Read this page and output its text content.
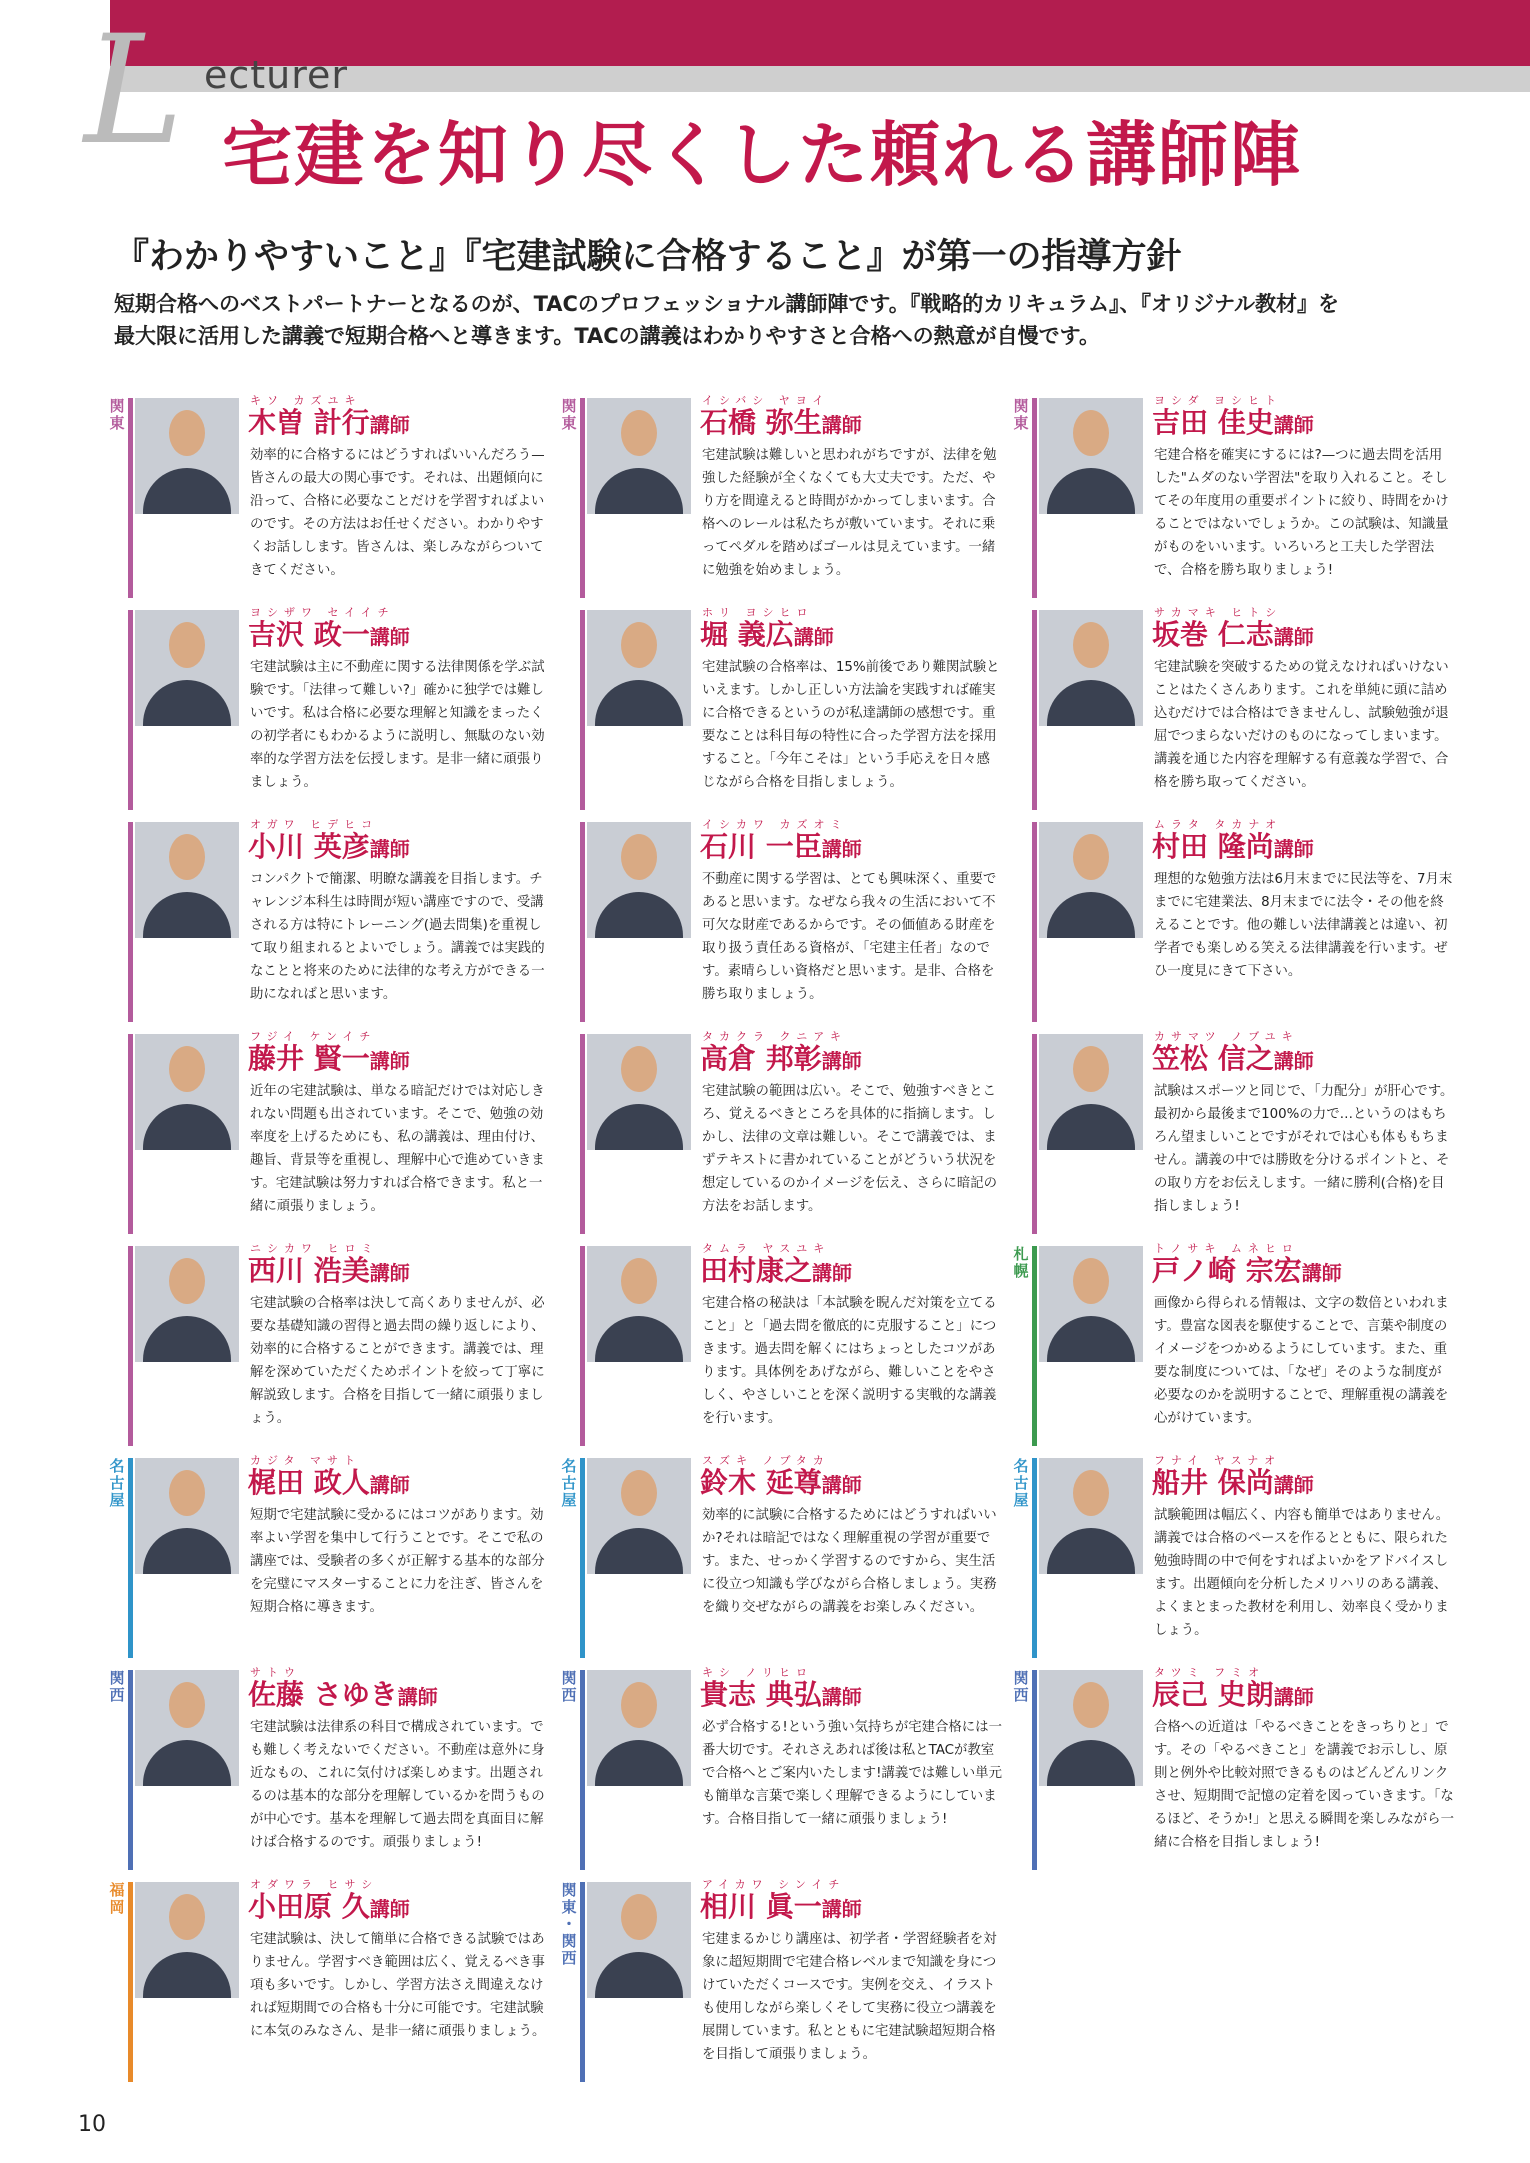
L ecturer
宅建を知り尽くした頼れる講師陣
『わかりやすいこと』『宅建試験に合格すること』が第一の指導方針

短期合格へのベストパートナーとなるのが、TACのプロフェッショナル講師陣です。『戦略的カリキュラム』、『オリジナル教材』を

最大限に活用した講義で短期合格へと導きます。TACの講義はわかりやすさと合格への熱意が自慢です。

関
東
キソ カズユキ
木曽 計行講師
効率的に合格するにはどうすればいいんだろう—皆さんの最大の関心事です。それは、出題傾向に沿って、合格に必要なことだけを学習すればよいのです。その方法はお任せください。わかりやすくお話しします。皆さんは、楽しみながらついてきてください。
関
東
イシバシ ヤヨイ
石橋 弥生講師
宅建試験は難しいと思われがちですが、法律を勉強した経験が全くなくても大丈夫です。ただ、やり方を間違えると時間がかかってしまいます。合格へのレールは私たちが敷いています。それに乗ってペダルを踏めばゴールは見えています。一緒に勉強を始めましょう。
関
東
ヨシダ ヨシヒト
吉田 佳史講師
宅建合格を確実にするには?—つに過去問を活用した"ムダのない学習法"を取り入れること。そしてその年度用の重要ポイントに絞り、時間をかけることではないでしょうか。この試験は、知識量がものをいいます。いろいろと工夫した学習法で、合格を勝ち取りましょう!
ヨシザワ セイイチ
吉沢 政一講師
宅建試験は主に不動産に関する法律関係を学ぶ試験です。「法律って難しい?」確かに独学では難しいです。私は合格に必要な理解と知識をまったくの初学者にもわかるように説明し、無駄のない効率的な学習方法を伝授します。是非一緒に頑張りましょう。
ホリ ヨシヒロ
堀 義広講師
宅建試験の合格率は、15%前後であり難関試験といえます。しかし正しい方法論を実践すれば確実に合格できるというのが私達講師の感想です。重要なことは科目毎の特性に合った学習方法を採用すること。「今年こそは」という手応えを日々感じながら合格を目指しましょう。
サカマキ ヒトシ
坂巻 仁志講師
宅建試験を突破するための覚えなければいけないことはたくさんあります。これを単純に頭に詰め込むだけでは合格はできませんし、試験勉強が退屈でつまらないだけのものになってしまいます。講義を通じた内容を理解する有意義な学習で、合格を勝ち取ってください。
オガワ ヒデヒコ
小川 英彦講師
コンパクトで簡潔、明瞭な講義を目指します。チャレンジ本科生は時間が短い講座ですので、受講される方は特にトレーニング(過去問集)を重視して取り組まれるとよいでしょう。講義では実践的なことと将来のために法律的な考え方ができる一助になればと思います。
イシカワ カズオミ
石川 一臣講師
不動産に関する学習は、とても興味深く、重要であると思います。なぜなら我々の生活において不可欠な財産であるからです。その価値ある財産を取り扱う責任ある資格が、「宅建主任者」なのです。素晴らしい資格だと思います。是非、合格を勝ち取りましょう。
ムラタ タカナオ
村田 隆尚講師
理想的な勉強方法は6月末までに民法等を、7月末までに宅建業法、8月末までに法令・その他を終えることです。他の難しい法律講義とは違い、初学者でも楽しめる笑える法律講義を行います。ぜひ一度見にきて下さい。
フジイ ケンイチ
藤井 賢一講師
近年の宅建試験は、単なる暗記だけでは対応しきれない問題も出されています。そこで、勉強の効率度を上げるためにも、私の講義は、理由付け、趣旨、背景等を重視し、理解中心で進めていきます。宅建試験は努力すれば合格できます。私と一緒に頑張りましょう。
タカクラ クニアキ
高倉 邦彰講師
宅建試験の範囲は広い。そこで、勉強すべきところ、覚えるべきところを具体的に指摘します。しかし、法律の文章は難しい。そこで講義では、まずテキストに書かれていることがどういう状況を想定しているのかイメージを伝え、さらに暗記の方法をお話します。
カサマツ ノブユキ
笠松 信之講師
試験はスポーツと同じで、「力配分」が肝心です。最初から最後まで100%の力で…というのはもちろん望ましいことですがそれでは心も体ももちません。講義の中では勝敗を分けるポイントと、その取り方をお伝えします。一緒に勝利(合格)を目指しましょう!
ニシカワ ヒロミ
西川 浩美講師
宅建試験の合格率は決して高くありませんが、必要な基礎知識の習得と過去問の繰り返しにより、効率的に合格することができます。講義では、理解を深めていただくためポイントを絞って丁寧に解説致します。合格を目指して一緒に頑張りましょう。
タムラ ヤスユキ
田村康之講師
宅建合格の秘訣は「本試験を睨んだ対策を立てること」と「過去問を徹底的に克服すること」につきます。過去問を解くにはちょっとしたコツがあります。具体例をあげながら、難しいことをやさしく、やさしいことを深く説明する実戦的な講義を行います。
札
幌
トノサキ ムネヒロ
戸ノ崎 宗宏講師
画像から得られる情報は、文字の数倍といわれます。豊富な図表を駆使することで、言葉や制度のイメージをつかめるようにしています。また、重要な制度については、「なぜ」そのような制度が必要なのかを説明することで、理解重視の講義を心がけています。
名
古
屋
カジタ マサト
梶田 政人講師
短期で宅建試験に受かるにはコツがあります。効率よい学習を集中して行うことです。そこで私の講座では、受験者の多くが正解する基本的な部分を完璧にマスターすることに力を注ぎ、皆さんを短期合格に導きます。
名
古
屋
スズキ ノブタカ
鈴木 延尊講師
効率的に試験に合格するためにはどうすればいいか?それは暗記ではなく理解重視の学習が重要です。また、せっかく学習するのですから、実生活に役立つ知識も学びながら合格しましょう。実務を織り交ぜながらの講義をお楽しみください。
名
古
屋
フナイ ヤスナオ
船井 保尚講師
試験範囲は幅広く、内容も簡単ではありません。講義では合格のペースを作るとともに、限られた勉強時間の中で何をすればよいかをアドバイスします。出題傾向を分析したメリハリのある講義、よくまとまった教材を利用し、効率良く受かりましょう。
関
西
サトウ
佐藤 さゆき講師
宅建試験は法律系の科目で構成されています。でも難しく考えないでください。不動産は意外に身近なもの、これに気付けば楽しめます。出題されるのは基本的な部分を理解しているかを問うものが中心です。基本を理解して過去問を真面目に解けば合格するのです。頑張りましょう!
関
西
キシ ノリヒロ
貴志 典弘講師
必ず合格する!という強い気持ちが宅建合格には一番大切です。それさえあれば後は私とTACが教室で合格へとご案内いたします!講義では難しい単元も簡単な言葉で楽しく理解できるようにしています。合格目指して一緒に頑張りましょう!
関
西
タツミ フミオ
辰己 史朗講師
合格への近道は「やるべきことをきっちりと」です。その「やるべきこと」を講義でお示しし、原則と例外や比較対照できるものはどんどんリンクさせ、短期間で記憶の定着を図っていきます。「なるほど、そうか!」と思える瞬間を楽しみながら一緒に合格を目指しましょう!
福
岡
オダワラ ヒサシ
小田原 久講師
宅建試験は、決して簡単に合格できる試験ではありません。学習すべき範囲は広く、覚えるべき事項も多いです。しかし、学習方法さえ間違えなければ短期間での合格も十分に可能です。宅建試験に本気のみなさん、是非一緒に頑張りましょう。
関
東
・
関
西
アイカワ シンイチ
相川 眞一講師
宅建まるかじり講座は、初学者・学習経験者を対象に超短期間で宅建合格レベルまで知識を身につけていただくコースです。実例を交え、イラストも使用しながら楽しくそして実務に役立つ講義を展開しています。私とともに宅建試験超短期合格を目指して頑張りましょう。
10
